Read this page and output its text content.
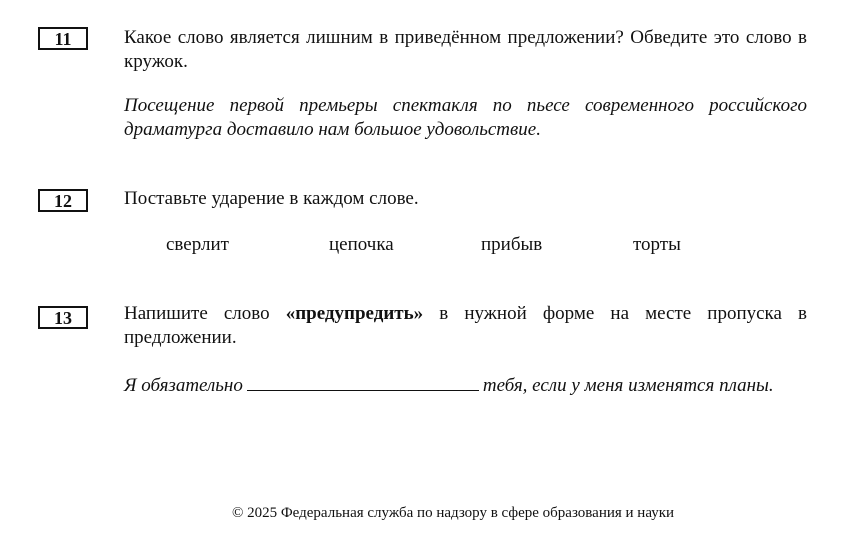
11	Какое слово является лишним в приведённом предложении? Обведите это слово в кружок.
Посещение первой премьеры спектакля по пьесе современного российского драматурга доставило нам большое удовольствие.
12	Поставьте ударение в каждом слове.
сверлит	цепочка	прибыв	торты
13	Напишите слово «предупредить» в нужной форме на месте пропуска в предложении.
Я обязательно	тебя, если у меня изменятся планы.
© 2025 Федеральная служба по надзору в сфере образования и науки
